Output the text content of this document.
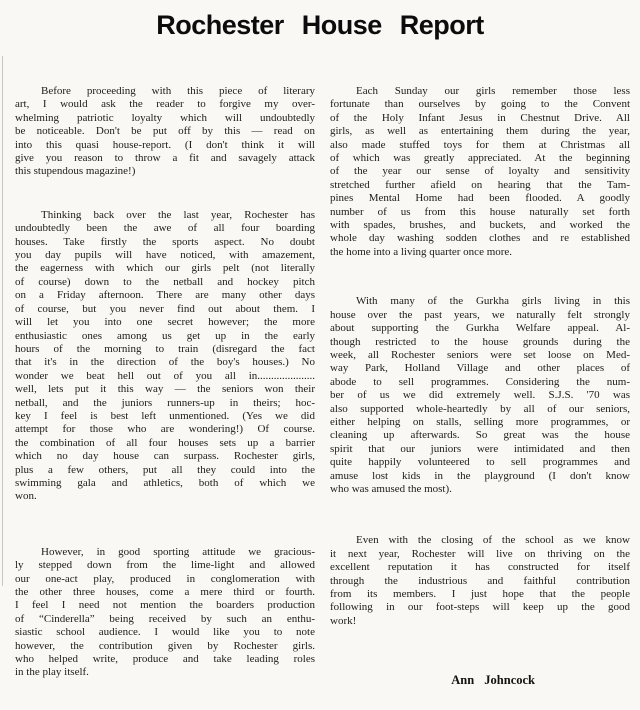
Rochester House Report

Before proceeding with this piece of literary
art, I would ask the reader to forgive my over-
whelming patriotic loyalty which will undoubtedly
be noticeable. Don't be put off by this — read on
into this quasi house-report. (I don't think it will
give you reason to throw a fit and savagely attack
this stupendous magazine!)

Thinking back over the last year, Rochester has
undoubtedly been the awe of all four boarding
houses. Take firstly the sports aspect. No doubt
you day pupils will have noticed, with amazement,
the eagerness with which our girls pelt (not literally
of course) down to the netball and hockey pitch
on a Friday afternoon. There are many other days
of course, but you never find out about them. I
will let you into one secret however; the more
enthusiastic ones among us get up in the early
hours of the morning to train (disregard the fact
that it's in the direction of the boy's houses.) No
wonder we beat hell out of you all in.....................
well, lets put it this way — the seniors won their
netball, and the juniors runners-up in theirs; hoc-
key I feel is best left unmentioned. (Yes we did
attempt for those who are wondering!) Of course.
the combination of all four houses sets up a barrier
which no day house can surpass. Rochester girls,
plus a few others, put all they could into the
swimming gala and athletics, both of which we
won.

However, in good sporting attitude we gracious-
ly stepped down from the lime-light and allowed
our one-act play, produced in conglomeration with
the other three houses, come a mere third or fourth.
I feel I need not mention the boarders production
of “Cinderella” being received by such an enthu-
siastic school audience. I would like you to note
however, the contribution given by Rochester girls.
who helped write, produce and take leading roles
in the play itself.

Each Sunday our girls remember those less
fortunate than ourselves by going to the Convent
of the Holy Infant Jesus in Chestnut Drive. All
girls, as well as entertaining them during the year,
also made stuffed toys for them at Christmas all
of which was greatly appreciated. At the beginning
of the year our sense of loyalty and sensitivity
stretched further afield on hearing that the Tam-
pines Mental Home had been flooded. A goodly
number of us from this house naturally set forth
with spades, brushes, and buckets, and worked the
whole day washing sodden clothes and re established
the home into a living quarter once more.

With many of the Gurkha girls living in this
house over the past years, we naturally felt strongly
about supporting the Gurkha Welfare appeal. Al-
though restricted to the house grounds during the
week, all Rochester seniors were set loose on Med-
way Park, Holland Village and other places of
abode to sell programmes. Considering the num-
ber of us we did extremely well. S.J.S. '70 was
also supported whole-heartedly by all of our seniors,
either helping on stalls, selling more programmes, or
cleaning up afterwards. So great was the house
spirit that our juniors were intimidated and then
quite happily volunteered to sell programmes and
amuse lost kids in the playground (I don't know
who was amused the most).

Even with the closing of the school as we know
it next year, Rochester will live on thriving on the
excellent reputation it has constructed for itself
through the industrious and faithful contribution
from its members. I just hope that the people
following in our foot-steps will keep up the good
work!

Ann Johncock
